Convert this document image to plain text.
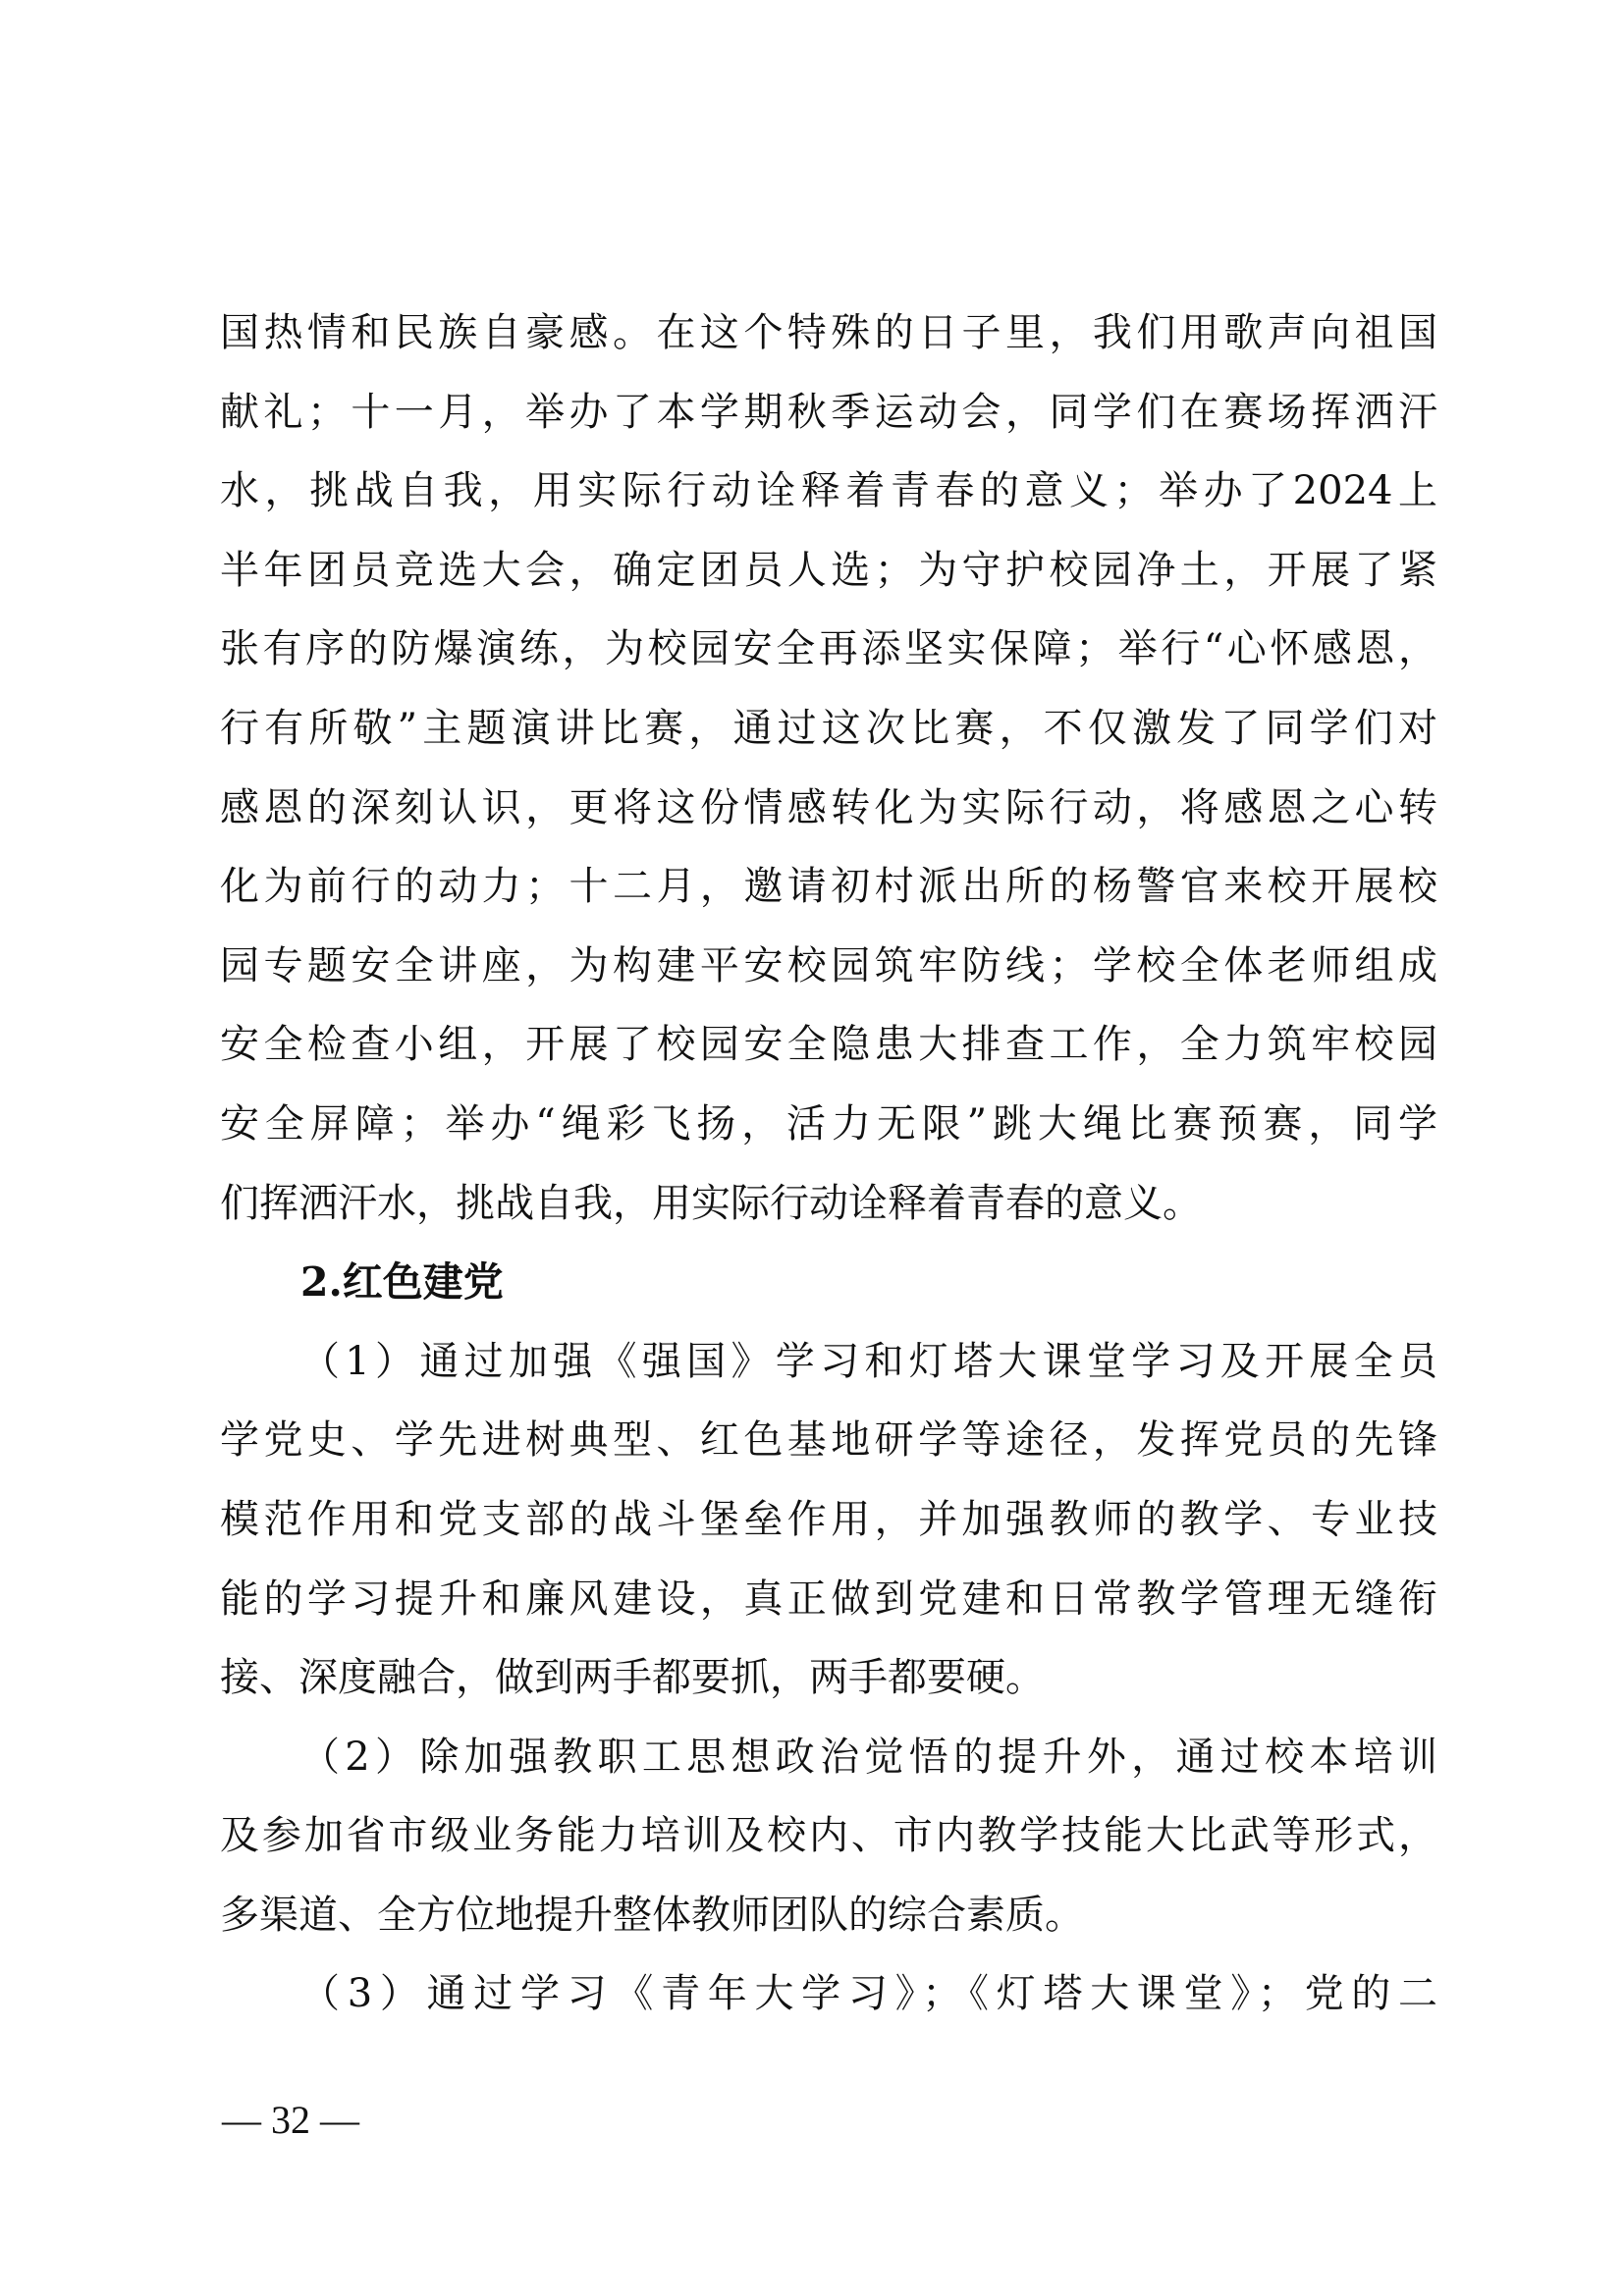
国热情和民族自豪感。在这个特殊的日子里，我们用歌声向祖国
献礼；十一月，举办了本学期秋季运动会，同学们在赛场挥洒汗
水，挑战自我，用实际行动诠释着青春的意义；举办了2024上
半年团员竞选大会，确定团员人选；为守护校园净土，开展了紧
张有序的防爆演练，为校园安全再添坚实保障；举行“心怀感恩，
行有所敬”主题演讲比赛，通过这次比赛，不仅激发了同学们对
感恩的深刻认识，更将这份情感转化为实际行动，将感恩之心转
化为前行的动力；十二月，邀请初村派出所的杨警官来校开展校
园专题安全讲座，为构建平安校园筑牢防线；学校全体老师组成
安全检查小组，开展了校园安全隐患大排查工作，全力筑牢校园
安全屏障；举办“绳彩飞扬，活力无限”跳大绳比赛预赛，同学
们挥洒汗水，挑战自我，用实际行动诠释着青春的意义。
2.红色建党
（1）通过加强《强国》学习和灯塔大课堂学习及开展全员
学党史、学先进树典型、红色基地研学等途径，发挥党员的先锋
模范作用和党支部的战斗堡垒作用，并加强教师的教学、专业技
能的学习提升和廉风建设，真正做到党建和日常教学管理无缝衔
接、深度融合，做到两手都要抓，两手都要硬。
（2）除加强教职工思想政治觉悟的提升外，通过校本培训
及参加省市级业务能力培训及校内、市内教学技能大比武等形式，
多渠道、全方位地提升整体教师团队的综合素质。
（3）通过学习《青年大学习》；《灯塔大课堂》；党的二
— 32 —
